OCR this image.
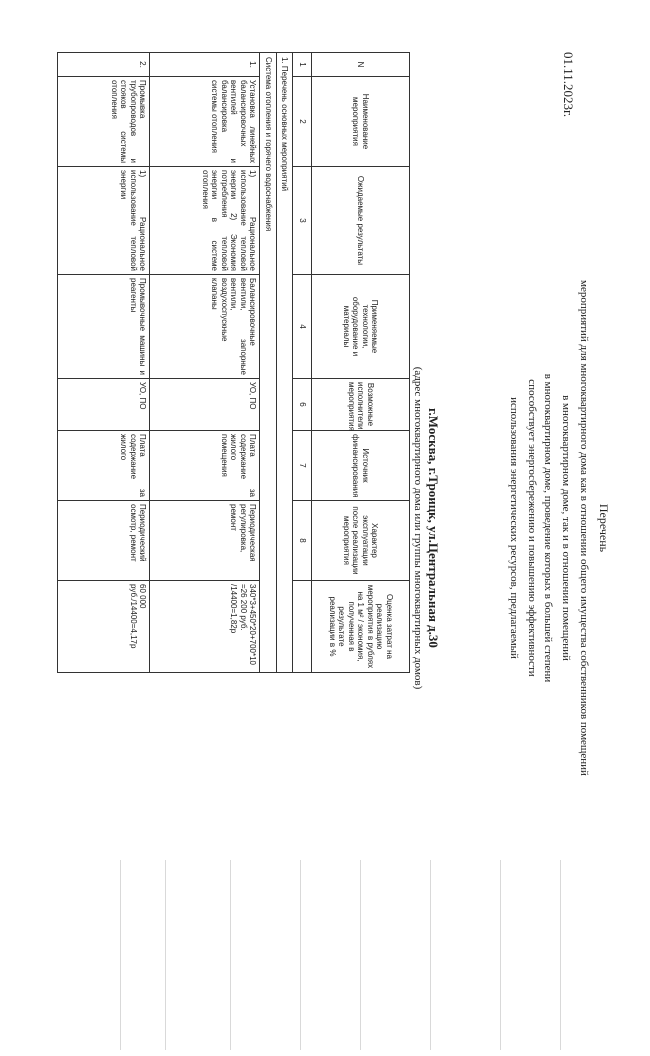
Перечень
мероприятий для многоквартирного дома как в отношении общего имущества собственников помещений
в многоквартирном доме, так и в отношении помещений
в многоквартирном доме, проведение которых в большей степени
способствует энергосбережению и повышению эффективности
использования энергетических ресурсов, предлагаемый
01.11.2023г.
г.Москва, г.Троицк, ул.Центральная д.30
(адрес многоквартирного дома или группы многоквартирных домов)
N	Наименование мероприятия	Ожидаемые результаты	Применяемые технологии, оборудование и материалы	Возможные исполнители мероприятия	Источник финансирования	Характер эксплуатации после реализации мероприятия	Оценка затрат на реализацию мероприятия в рублях на 1 м² / экономия, полученная в результате реализации в %
1	2	3	4	6	7	8	
1. Перечень основных мероприятий							
Система отопления и горячего водоснабжения							
1.	Установка линейных балансировочных вентилей и балансировка системы отопления	1) Рациональное использование тепловой энергии 2) Экономия потребления тепловой энергии в системе отопления	Балансировочные вентили, запорные вентили, воздухоспускные клапаны	УО, ПО	Плата за содержание жилого помещения	Периодическая регулировка, ремонт	340*3+450*20+700*10 =26 200 руб. /14400=1,82р
2.	Промывка трубопроводов и стояков системы отопления	1) Рациональное использование тепловой энергии	Промывочные машины и реагенты	УО, ПО	Плата за содержание жилого	Периодический осмотр, ремонт	60 000 руб./14400=4,17р
